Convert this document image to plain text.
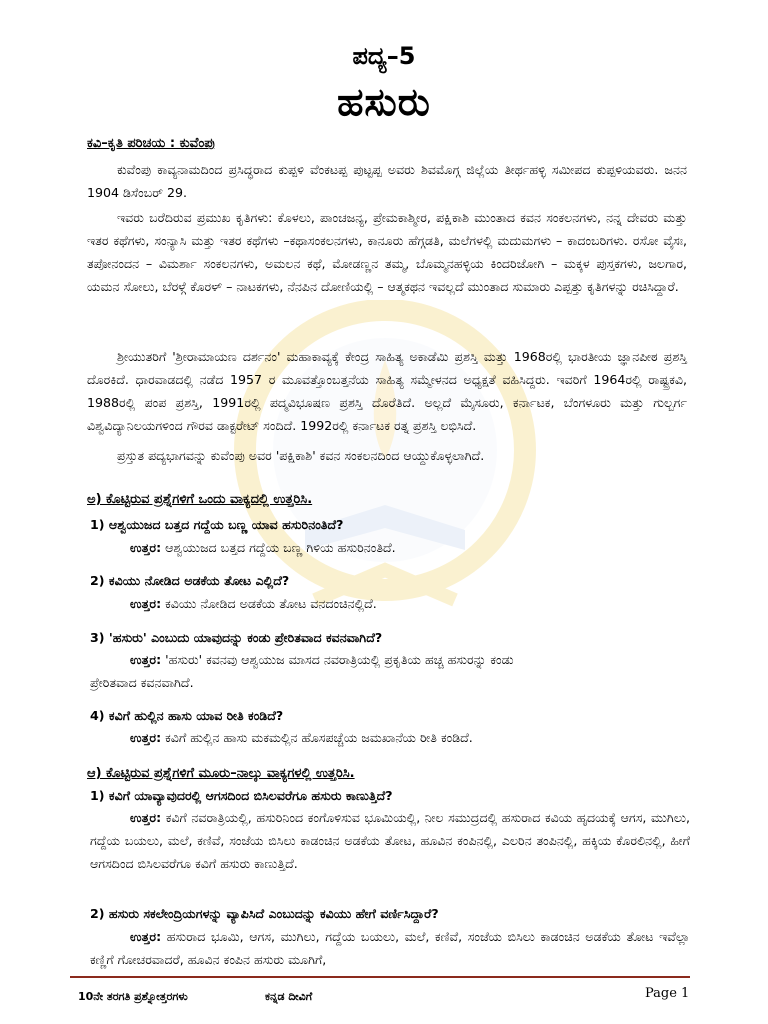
ಪದ್ಯ–5
ಹಸುರು
ಕವಿ–ಕೃತಿ ಪರಿಚಯ : ಕುವೆಂಪು
ಕುವೆಂಪು ಕಾವ್ಯನಾಮದಿಂದ ಪ್ರಸಿದ್ಧರಾದ ಕುಪ್ಪಳಿ ವೆಂಕಟಪ್ಪ ಪುಟ್ಟಪ್ಪ ಅವರು ಶಿವಮೊಗ್ಗ ಜಿಲ್ಲೆಯ ತೀರ್ಥಹಳ್ಳಿ ಸಮೀಪದ ಕುಪ್ಪಳಿಯವರು. ಜನನ 1904 ಡಿಸೆಂಬರ್ 29.
ಇವರು ಬರೆದಿರುವ ಪ್ರಮುಖ ಕೃತಿಗಳು: ಕೊಳಲು, ಪಾಂಚಜನ್ಯ, ಪ್ರೇಮಕಾಶ್ಮೀರ, ಪಕ್ಷಿಕಾಶಿ ಮುಂತಾದ ಕವನ ಸಂಕಲನಗಳು, ನನ್ನ ದೇವರು ಮತ್ತು ಇತರ ಕಥೆಗಳು, ಸಂನ್ಯಾಸಿ ಮತ್ತು ಇತರ ಕಥೆಗಳು –ಕಥಾಸಂಕಲನಗಳು, ಕಾನೂರು ಹೆಗ್ಗಡತಿ, ಮಲೆಗಳಲ್ಲಿ ಮದುಮಗಳು – ಕಾದಂಬರಿಗಳು. ರಸೋ ವೈಸಃ, ತಪೋನಂದನ – ವಿಮರ್ಶಾ ಸಂಕಲನಗಳು, ಅಮಲನ ಕಥೆ, ಮೋಡಣ್ಣನ ತಮ್ಮ, ಬೊಮ್ಮನಹಳ್ಳಿಯ ಕಿಂದರಿಜೋಗಿ – ಮಕ್ಕಳ ಪುಸ್ತಕಗಳು, ಜಲಗಾರ, ಯಮನ ಸೋಲು, ಬೆರಳ್ಗೆ ಕೊರಳ್ – ನಾಟಕಗಳು, ನೆನಪಿನ ದೋಣಿಯಲ್ಲಿ – ಆತ್ಮಕಥನ ಇವಲ್ಲದೆ ಮುಂತಾದ ಸುಮಾರು ಎಪ್ಪತ್ತು ಕೃತಿಗಳನ್ನು ರಚಿಸಿದ್ದಾರೆ.
ಶ್ರೀಯುತರಿಗೆ 'ಶ್ರೀರಾಮಾಯಣ ದರ್ಶನಂ' ಮಹಾಕಾವ್ಯಕ್ಕೆ ಕೇಂದ್ರ ಸಾಹಿತ್ಯ ಅಕಾಡೆಮಿ ಪ್ರಶಸ್ತಿ ಮತ್ತು 1968ರಲ್ಲಿ ಭಾರತೀಯ ಜ್ಞಾನಪೀಠ ಪ್ರಶಸ್ತಿ ದೊರಕಿದೆ. ಧಾರವಾಡದಲ್ಲಿ ನಡೆದ 1957 ರ ಮೂವತ್ತೊಂಬತ್ತನೆಯ ಸಾಹಿತ್ಯ ಸಮ್ಮೇಳನದ ಅಧ್ಯಕ್ಷತೆ ವಹಿಸಿದ್ದರು. ಇವರಿಗೆ 1964ರಲ್ಲಿ ರಾಷ್ಟ್ರಕವಿ, 1988ರಲ್ಲಿ ಪಂಪ ಪ್ರಶಸ್ತಿ, 1991ರಲ್ಲಿ ಪದ್ಮವಿಭೂಷಣ ಪ್ರಶಸ್ತಿ ದೊರೆತಿದೆ. ಅಲ್ಲದೆ ಮೈಸೂರು, ಕರ್ನಾಟಕ, ಬೆಂಗಳೂರು ಮತ್ತು ಗುಲ್ಬರ್ಗ ವಿಶ್ವವಿದ್ಯಾನಿಲಯಗಳಿಂದ ಗೌರವ ಡಾಕ್ಟರೇಟ್ ಸಂದಿದೆ. 1992ರಲ್ಲಿ ಕರ್ನಾಟಕ ರತ್ನ ಪ್ರಶಸ್ತಿ ಲಭಿಸಿದೆ.
ಪ್ರಸ್ತುತ ಪದ್ಯಭಾಗವನ್ನು ಕುವೆಂಪು ಅವರ 'ಪಕ್ಷಿಕಾಶಿ' ಕವನ ಸಂಕಲನದಿಂದ ಆಯ್ದುಕೊಳ್ಳಲಾಗಿದೆ.
ಅ) ಕೊಟ್ಟಿರುವ ಪ್ರಶ್ನೆಗಳಿಗೆ ಒಂದು ವಾಕ್ಯದಲ್ಲಿ ಉತ್ತರಿಸಿ.
1) ಆಶ್ವಯುಜದ ಬತ್ತದ ಗದ್ದೆಯ ಬಣ್ಣ ಯಾವ ಹಸುರಿನಂತಿದೆ?
ಉತ್ತರ: ಆಶ್ವಯುಜದ ಬತ್ತದ ಗದ್ದೆಯ ಬಣ್ಣ ಗಿಳಿಯ ಹಸುರಿನಂತಿದೆ.
2) ಕವಿಯು ನೋಡಿದ ಅಡಕೆಯ ತೋಟ ಎಲ್ಲಿದೆ?
ಉತ್ತರ: ಕವಿಯು ನೋಡಿದ ಅಡಕೆಯ ತೋಟ ವನದಂಚಿನಲ್ಲಿದೆ.
3) 'ಹಸುರು' ಎಂಬುದು ಯಾವುದನ್ನು ಕಂಡು ಪ್ರೇರಿತವಾದ ಕವನವಾಗಿದೆ?
ಉತ್ತರ: 'ಹಸುರು' ಕವನವು ಆಶ್ವಯುಜ ಮಾಸದ ನವರಾತ್ರಿಯಲ್ಲಿ ಪ್ರಕೃತಿಯ ಹಚ್ಚ ಹಸುರನ್ನು ಕಂಡು
ಪ್ರೇರಿತವಾದ ಕವನವಾಗಿದೆ.
4) ಕವಿಗೆ ಹುಲ್ಲಿನ ಹಾಸು ಯಾವ ರೀತಿ ಕಂಡಿದೆ?
ಉತ್ತರ: ಕವಿಗೆ ಹುಲ್ಲಿನ ಹಾಸು ಮಕಮಲ್ಲಿನ ಹೊಸಪಚ್ಚೆಯ ಜಮಖಾನೆಯ ರೀತಿ ಕಂಡಿದೆ.
ಆ) ಕೊಟ್ಟಿರುವ ಪ್ರಶ್ನೆಗಳಿಗೆ ಮೂರು–ನಾಲ್ಕು ವಾಕ್ಯಗಳಲ್ಲಿ ಉತ್ತರಿಸಿ.
1) ಕವಿಗೆ ಯಾವ್ಯಾವುದರಲ್ಲಿ ಆಗಸದಿಂದ ಬಿಸಿಲವರೆಗೂ ಹಸುರು ಕಾಣುತ್ತಿದೆ?
ಉತ್ತರ: ಕವಿಗೆ ನವರಾತ್ರಿಯಲ್ಲಿ, ಹಸುರಿನಿಂದ ಕಂಗೊಳಿಸುವ ಭೂಮಿಯಲ್ಲಿ, ನೀಲ ಸಮುದ್ರದಲ್ಲಿ ಹಸುರಾದ ಕವಿಯ ಹೃದಯಕ್ಕೆ ಆಗಸ, ಮುಗಿಲು, ಗದ್ದೆಯ ಬಯಲು, ಮಲೆ, ಕಣಿವೆ, ಸಂಜೆಯ ಬಿಸಿಲು ಕಾಡಂಚಿನ ಅಡಕೆಯ ತೋಟ, ಹೂವಿನ ಕಂಪಿನಲ್ಲಿ, ಎಲರಿನ ತಂಪಿನಲ್ಲಿ, ಹಕ್ಕಿಯ ಕೊರಲಿನಲ್ಲಿ, ಹೀಗೆ ಆಗಸದಿಂದ ಬಿಸಿಲವರೆಗೂ ಕವಿಗೆ ಹಸುರು ಕಾಣುತ್ತಿದೆ.
2) ಹಸುರು ಸಕಲೇಂದ್ರಿಯಗಳನ್ನು ವ್ಯಾಪಿಸಿದೆ ಎಂಬುದನ್ನು ಕವಿಯು ಹೇಗೆ ವರ್ಣಿಸಿದ್ದಾರೆ?
ಉತ್ತರ: ಹಸುರಾದ ಭೂಮಿ, ಆಗಸ, ಮುಗಿಲು, ಗದ್ದೆಯ ಬಯಲು, ಮಲೆ, ಕಣಿವೆ, ಸಂಜೆಯ ಬಿಸಿಲು ಕಾಡಂಚಿನ ಅಡಕೆಯ ತೋಟ ಇವೆಲ್ಲಾ ಕಣ್ಣಿಗೆ ಗೋಚರವಾದರೆ, ಹೂವಿನ ಕಂಪಿನ ಹಸುರು ಮೂಗಿಗೆ,
10ನೇ ತರಗತಿ ಪ್ರಶ್ನೋತ್ತರಗಳು	ಕನ್ನಡ ದೀವಿಗೆ	Page 1
